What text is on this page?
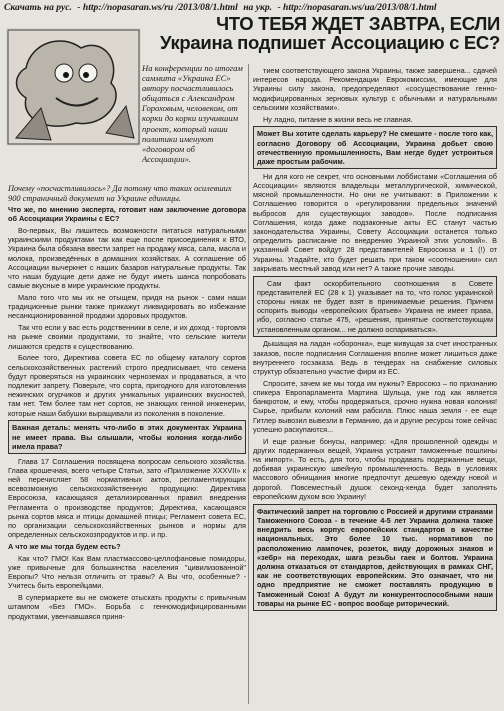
Скачать на рус. - http://nopasaran.ws/ru /2013/08/1.html на укр. - http://nopasaran.ws/ua/2013/08/1.html
ЧТО ТЕБЯ ЖДЕТ ЗАВТРА, ЕСЛИ Украина подпишет Ассоциацию с ЕС?
На конференции по итогам саммита «Украина ЕС» автору посчастливилось общаться с Александром Гороховым, человеком, от корки до корки изучившим проект, который наши политики именуют «договором об Ассоциации».
Почему «посчастливилось»? Да потому что таких осилевших 900 страничный документ на Украине единицы.

Что же, по мнению эксперта, готовит нам заключение договора об Ассоциации Украины с ЕС?

Во-первых, Вы лишитесь возможности питаться натуральными украинскими продуктами так как еще после присоединения к ВТО, Украина была обязана ввести запрет на продажу мяса, сала, масла и молока, произведённых в домашних хозяйствах. А соглашение об Ассоциации вычеркнет с наших базаров натуральные продукты. Так что наши будущие дети даже не будут иметь шанса попробовать самые вкусные в мире украинские продукты.

Мало того что мы их не отыщем, придя на рынок - сами наши традиционные рынки также прикажут ликвидировать во избежание несанкционированной продажи здоровых продуктов.

Так что если у вас есть родственники в селе, и их доход - торговля на рынке своими продуктами, то знайте, что сельские жители лишаются средств к существованию.

Более того, Директива совета ЕС по общему каталогу сортов сельскохозяйственных растений строго предписывает, что семена будут проверяться на украинских черноземах и продаваться, а что подлежит запрету. Поверьте, что сорта, пригодного для изготовления нежинских огурчиков и других уникальных украинских вкусностей, там нет. Тем более там нет сортов, не знающих генной инженерии, которые наши бабушки выращивали из поколения в поколение.

Важная деталь: менять что-либо в этих документах Украина не имеет права. Вы слышали, чтобы колония когда-либо имела права?

Глава 17 Соглашения посвящена вопросам сельского хозяйства. Глава крошечная, всего четыре Статьи, зато «Приложение XXXVII» к ней перечисляет 58 нормативных актов, регламентирующих всевозможную сельскохозяйственную продукцию: Директива Евросоюза, касающаяся детализированных правил внедрения Регламента о производстве продуктов; Директива, касающаяся рынка сортов мяса и птицы домашней птицы; Регламент совета ЕС, по организации сельскохозяйственных рынков и нормы для определенных сельскохозпродуктов и пр. и пр.

А что же мы тогда будем есть?

Как что? ГМО! Как Вам пластмассово-целлофановые помидоры, уже привычные для большинства населения "цивилизованной" Европы? Что нельзя отличить от травы? А Вы что, особенные? - Учитесь быть европейцами.

В супермаркете вы не сможете отыскать продукты с привычным штампом «Без ГМО». Борьба с генномодифицированными продуктами, увенчавшаяся приня-

тием соответствующего закона Украины, также завершена... сдачей интересов народа. Рекомендации Еврокомиссии, имеющие для Украины силу закона, предопределяют «сосуществование генно-модифицированных зерновых культур с обычными и натуральными сельскими хозяйствами».

Ну ладно, питание в жизни весь не главная.

Может Вы хотите сделать карьеру? Не смешите - после того как, согласно Договору об Ассоциации, Украина добьет свою отечественную промышленность, Вам негде будет устроиться даже простым рабочим.

Ни для кого не секрет, что основными лоббистами «Соглашения об Ассоциации» являются владельцы металлургической, химической, мясной промышленности. Но они не учитывают: в Приложении к Соглашению говорится о «регулировании предельных значений выбросов для существующих заводов». После подписания Соглашения, когда даже подзаконные акты ЕС станут частью законодательства Украины, Совету Ассоциации останется только определить расписание по внедрению Украиной этих условий». В указанный Совет войдут 28 представителей Евросоюза и 1 (!) от Украины. Угадайте, кто будет решать при таком «соотношении» сил закрывать местный завод или нет? А также прочие заводы.

Сам факт оскорбительного соотношения в Совете представителей ЕС (28 к 1) указывает на то, что голос украинской стороны никак не будет взят в принимаемые решения. Причем оспорить выводы «европейских братьев» Украина не имеет права, ибо, согласно статье 475, «решения, принятые соответствующим установленным органом... не должно оспариваться».

Дышащая на ладан «оборонка», еще живущая за счет иностранных заказов, после подписания Соглашения вполне может лишиться даже внутреннего госзаказа. Ведь в тендерах на снабжение силовых структур обязательно участие фирм из ЕС.

Спросите, зачем же мы тогда им нужны? Евросоюз – по признанию спикера Европарламента Мартина Шульца, уже год как является банкротом, и ему, чтобы продержаться, срочно нужна новая колония! Сырье, прибыли колоний нам рабсила. Плюс наша земля - ее еще Гитлер вывозил вывезли в Германию, да и другие ресурсы тоже сейчас успешно раскупаются...

И еще разные бонусы, например: «Для прошоленной одежды и других подержанных вещей, Украина устранит таможенные пошлины на импорт». То есть, для того, чтобы продавать подержанные вещи, добивая украинскую швейную промышленность. Ведь в условиях массового обнищания многие предпочтут дешевую одежду новой и дорогой. Повсеместный душок секонд-хенда будет заполнять европейским духом всю Украину!

Фактический запрет на торговлю с Россией и другими странами Таможенного Союза - в течение 4-5 лет Украина должна также внедрить весь корпус европейских стандартов в качестве национальных. Это более 10 тыс. нормативов по расположению лампочек, розеток, виду дорожных знаков и «зебр» на переходах, шага резьбы гаек и болтов. Украина должна отказаться от стандартов, действующих в рамках СНГ, как не соответствующих европейским. Это означает, что ни одно предприятие не сможет поставлять продукцию в Таможенный Союз! А будут ли конкурентоспособными наши товары на рынке ЕС - вопрос вообще риторический.
